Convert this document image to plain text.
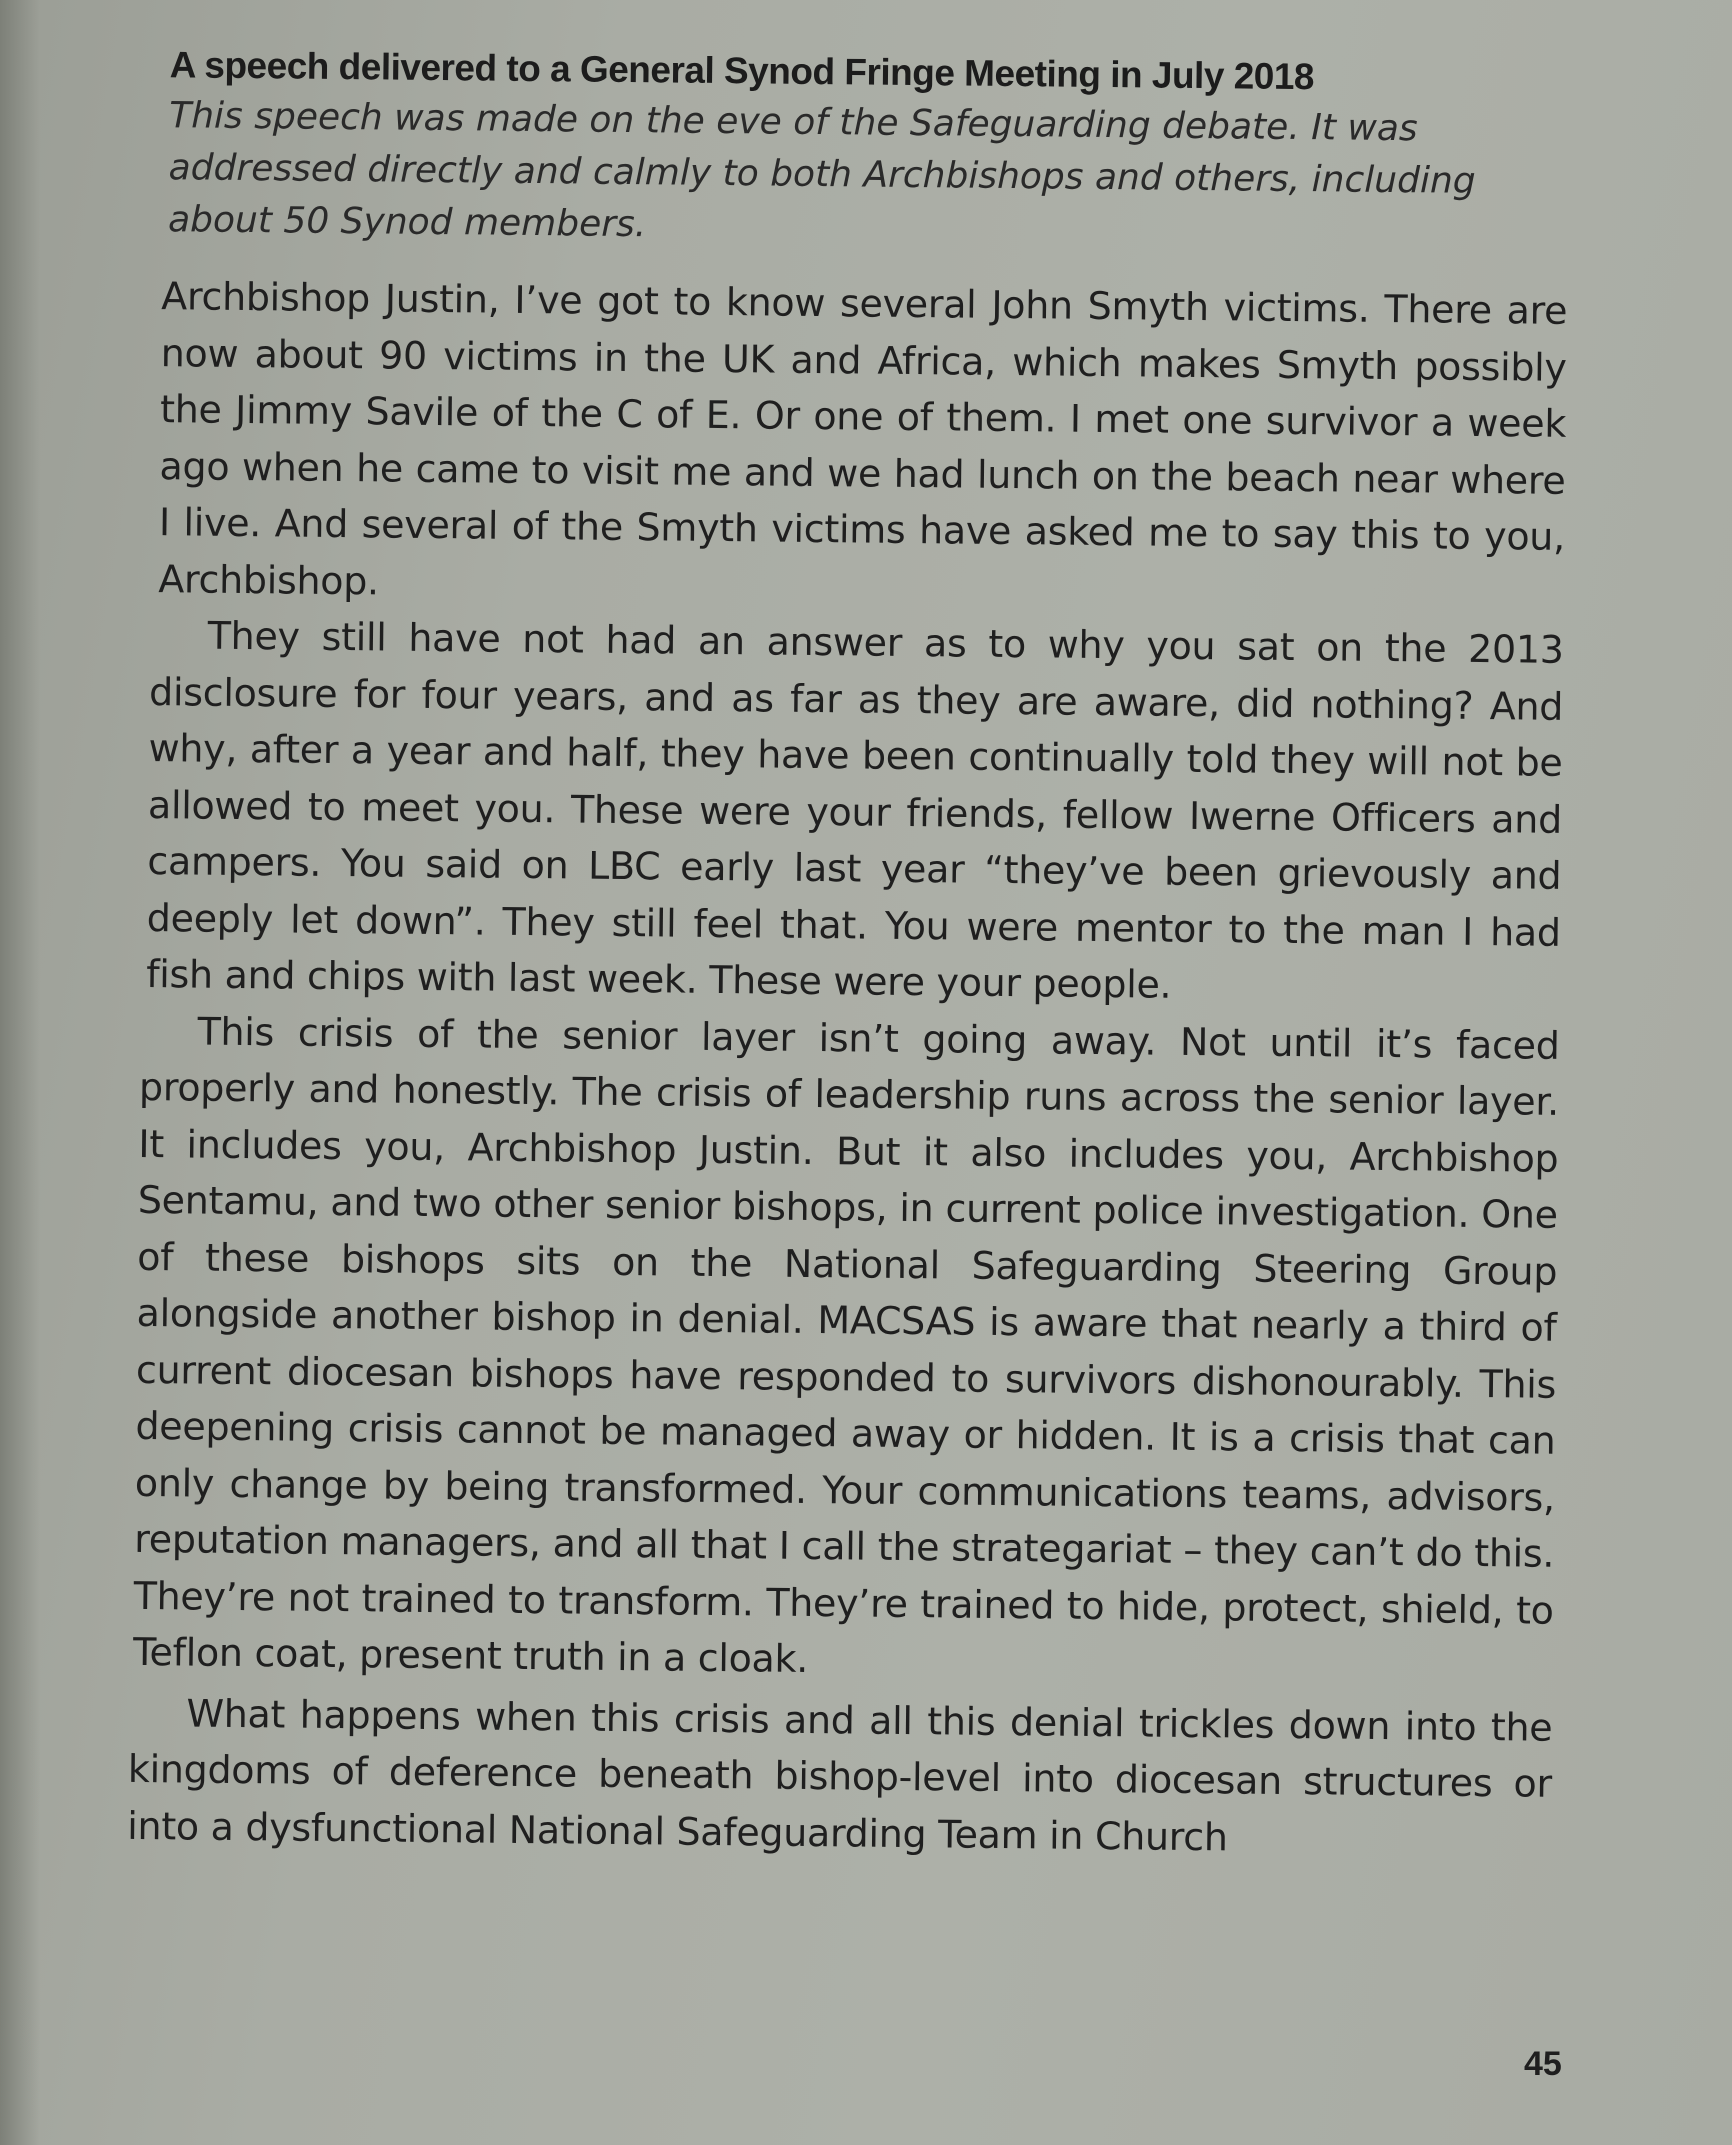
A speech delivered to a General Synod Fringe Meeting in July 2018

This speech was made on the eve of the Safeguarding debate. It was addressed directly and calmly to both Archbishops and others, including about 50 Synod members.

Archbishop Justin, I’ve got to know several John Smyth victims. There are now about 90 victims in the UK and Africa, which makes Smyth possibly the Jimmy Savile of the C of E. Or one of them. I met one survivor a week ago when he came to visit me and we had lunch on the beach near where I live. And several of the Smyth victims have asked me to say this to you, Archbishop.

They still have not had an answer as to why you sat on the 2013 disclosure for four years, and as far as they are aware, did nothing? And why, after a year and half, they have been continually told they will not be allowed to meet you. These were your friends, fellow Iwerne Officers and campers. You said on LBC early last year “they’ve been grievously and deeply let down”. They still feel that. You were mentor to the man I had fish and chips with last week. These were your people.

This crisis of the senior layer isn’t going away. Not until it’s faced properly and honestly. The crisis of leadership runs across the senior layer. It includes you, Archbishop Justin. But it also includes you, Archbishop Sentamu, and two other senior bishops, in current police investigation. One of these bishops sits on the National Safeguarding Steering Group alongside another bishop in denial. MACSAS is aware that nearly a third of current diocesan bishops have responded to survivors dishonourably. This deepening crisis cannot be managed away or hidden. It is a crisis that can only change by being transformed. Your communications teams, advisors, reputation managers, and all that I call the strategariat – they can’t do this. They’re not trained to transform. They’re trained to hide, protect, shield, to Teflon coat, present truth in a cloak.

What happens when this crisis and all this denial trickles down into the kingdoms of deference beneath bishop-level into diocesan structures or into a dysfunctional National Safeguarding Team in Church

45
